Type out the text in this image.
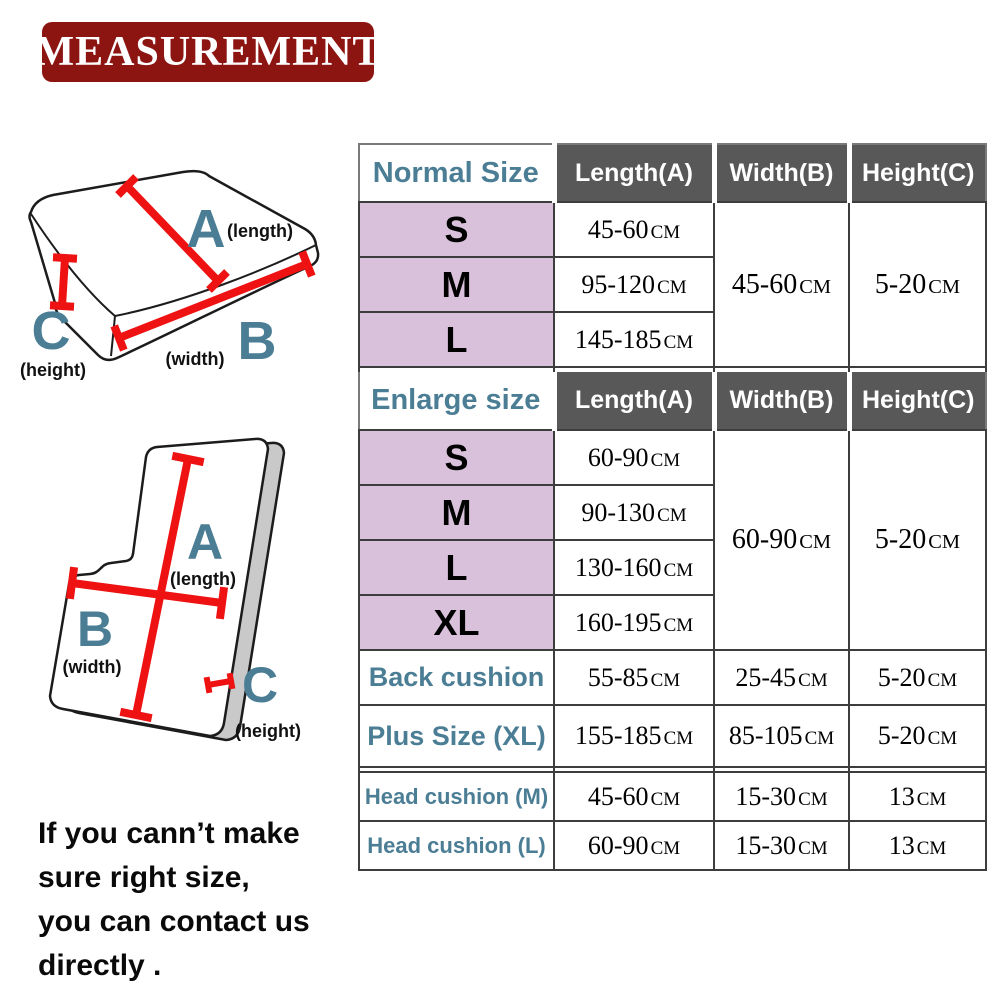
MEASUREMENT
A (length)
B
(width)
C
(height)
A
(length)
B
(width) C
(height)
Normal Size	Length(A)	Width(B)	Height(C)
S	45-60 CM	45-60CM	5-20CM
M	95-120 CM		
L	145-185 CM		

Enlarge size	Length(A)	Width(B)	Height(C)
S	60-90 CM	60-90CM	5-20CM
M	90-130 CM		
L	130-160 CM		
XL	160-195 CM		
Back cushion	55-85 CM	25-45 CM	5-20 CM
Plus Size (XL)	155-185 CM	85-105 CM	5-20 CM

Head cushion (M)	45-60 CM	15-30 CM	13 CM
Head cushion (L)	60-90 CM	15-30 CM	13 CM
If you cann’t make
sure right size,
you can contact us
directly .
